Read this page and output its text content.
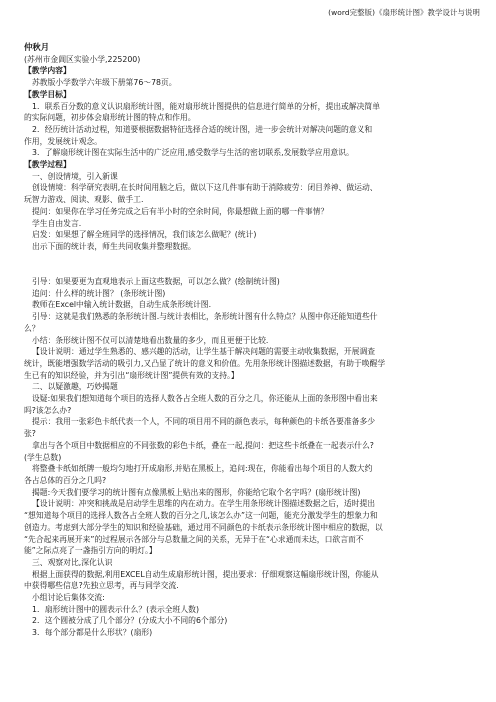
(word完整版)《扇形统计图》教学设计与说明
仲秋月
(苏州市金阊区实验小学,225200)
【教学内容】
苏教版小学数学六年级下册第76～78页。
【教学目标】
1．联系百分数的意义认识扇形统计图，能对扇形统计图提供的信息进行简单的分析，提出或解决简单
的实际问题，初步体会扇形统计图的特点和作用。
2．经历统计活动过程，知道要根据数据特征选择合适的统计图，进一步会统计对解决问题的意义和
作用，发展统计观念。
3．了解扇形统计图在实际生活中的广泛应用,感受数学与生活的密切联系,发展数学应用意识。
【教学过程】
一、创设情境，引入新课
创设情境：科学研究表明,在长时间用脑之后，做以下这几件事有助于消除疲劳：闭目养神、做运动、
玩智力游戏、阅读、观影、做手工.
提问：如果你在学习任务完成之后有半小时的空余时间，你最想做上面的哪一件事情？
学生自由发言.
启发：如果想了解全班同学的选择情况，我们该怎么做呢？(统计)
出示下面的统计表，师生共同收集并整理数据。
引导：如果要更为直观地表示上面这些数据，可以怎么做？(绘制统计图)
追问：什么样的统计图？ (条形统计图)
教师在Excel中输入统计数据，自动生成条形统计图.
引导：这就是我们熟悉的条形统计图.与统计表相比，条形统计图有什么特点？从图中你还能知道些什
么？
小结：条形统计图不仅可以清楚地看出数量的多少，而且更便于比较.
【设计说明：通过学生熟悉的、感兴趣的活动，让学生基于解决问题的需要主动收集数据，开展调查
统计，既能增强数学活动的吸引力,又凸显了统计的意义和价值。先用条形统计图描述数据，有助于唤醒学
生已有的知识经验，并为引出“扇形统计图”提供有效的支持。】
二、以疑激趣，巧妙揭题
设疑:如果我们想知道每个项目的选择人数各占全班人数的百分之几，你还能从上面的条形图中看出来
吗?该怎么办?
提示：我用一张彩色卡纸代表一个人，不同的项目用不同的颜色表示，每种颜色的卡纸各要准备多少
张?
拿出与各个项目中数据相应的不同张数的彩色卡纸，叠在一起,提问：把这些卡纸叠在一起表示什么?
(学生总数)
将整叠卡纸如纸牌一般均匀地打开成扇形,并贴在黑板上，追问:现在，你能看出每个项目的人数大约
各占总体的百分之几吗?
揭题:今天我们要学习的统计图有点像黑板上贴出来的图形，你能给它取个名字吗？(扇形统计图)
【设计说明：冲突和挑战是启动学生思维的内在动力。在学生用条形统计图描述数据之后，适时提出
“想知道每个项目的选择人数各占全班人数的百分之几,该怎么办”这一问题，能充分激发学生的想象力和
创造力。考虑到大部分学生的知识和经验基础，通过用不同颜色的卡纸表示条形统计图中相应的数据，以
“先合起来再展开来”的过程展示各部分与总数量之间的关系，无异于在“心求通而未达，口欲言而不
能”之际点亮了一盏指引方向的明灯。】
三、观察对比,深化认识
根据上面获得的数据,利用EXCEL自动生成扇形统计图，提出要求：仔细观察这幅扇形统计图，你能从
中获得哪些信息?先独立思考，再与同学交流.
小组讨论后集体交流:
1．扇形统计图中的圆表示什么？(表示全班人数)
2．这个圆被分成了几个部分？(分成大小不同的6个部分)
3．每个部分都是什么形状？(扇形)
